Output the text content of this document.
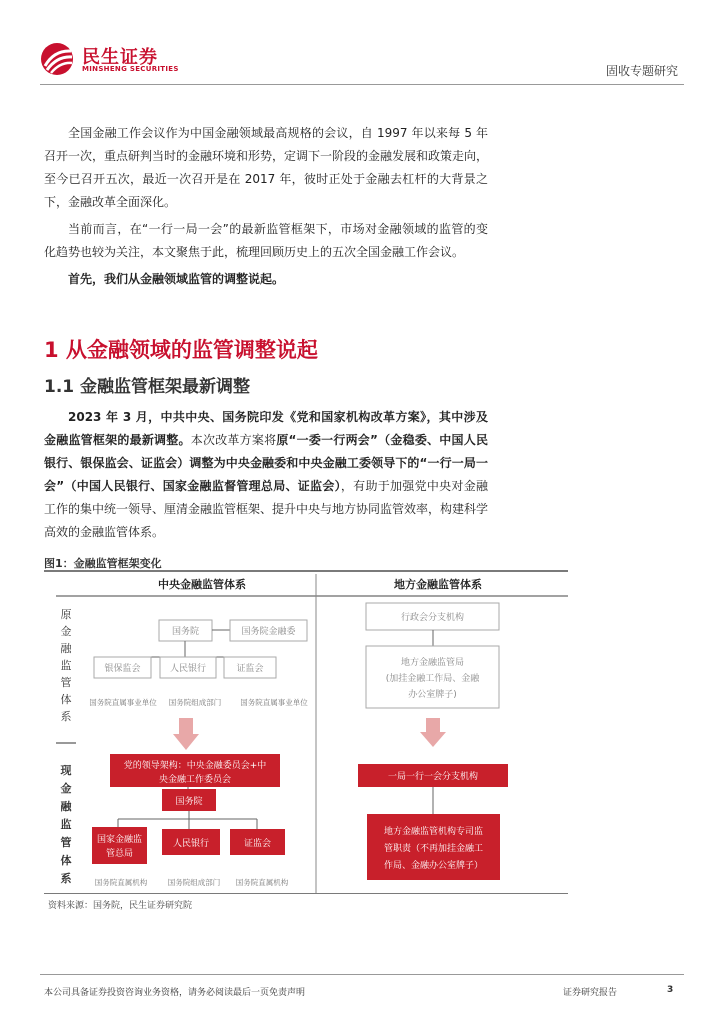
民生证券
MINSHENG SECURITIES	固收专题研究

全国金融工作会议作为中国金融领域最高规格的会议，自 1997 年以来每 5 年召开一次，重点研判当时的金融环境和形势，定调下一阶段的金融发展和政策走向，至今已召开五次，最近一次召开是在 2017 年，彼时正处于金融去杠杆的大背景之下，金融改革全面深化。

当前而言，在“一行一局一会”的最新监管框架下，市场对金融领域的监管的变化趋势也较为关注，本文聚焦于此，梳理回顾历史上的五次全国金融工作会议。

首先，我们从金融领域监管的调整说起。

1 从金融领域的监管调整说起
1.1 金融监管框架最新调整

2023 年 3 月，中共中央、国务院印发《党和国家机构改革方案》，其中涉及金融监管框架的最新调整。本次改革方案将原“一委一行两会”（金稳委、中国人民银行、银保监会、证监会）调整为中央金融委和中央金融工委领导下的“一行一局一会”（中国人民银行、国家金融监督管理总局、证监会），有助于加强党中央对金融工作的集中统一领导、厘清金融监管框架、提升中央与地方协同监管效率，构建科学高效的金融监管体系。

图1：金融监管框架变化
中央金融监管体系	地方金融监管体系
原
金
融
监
管
体
系
现
金
融
监
管
体
系
国务院	国务院金融委
银保监会	人民银行	证监会
国务院直属事业单位 国务院组成部门	国务院直属事业单位
行政会分支机构
地方金融监管局
(加挂金融工作局、金融
办公室牌子)
党的领导架构：中央金融委员会+中
央金融工作委员会
国务院
国家金融监
管总局
人民银行	证监会
国务院直属机构	国务院组成部门 国务院直属机构
一局一行一会分支机构
地方金融监管机构专司监
管职责（不再加挂金融工
作局、金融办公室牌子）
资料来源：国务院，民生证券研究院
本公司具备证券投资咨询业务资格，请务必阅读最后一页免责声明	证券研究报告	3
